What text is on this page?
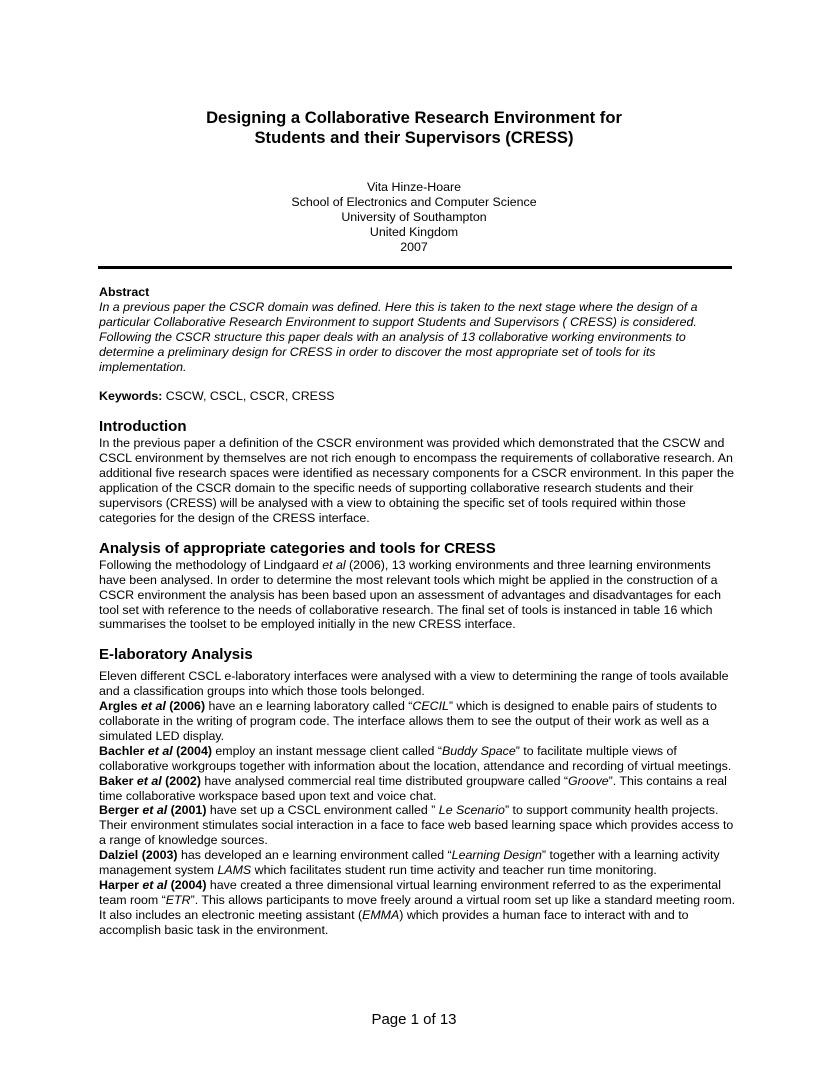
Designing a Collaborative Research Environment for
Students and their Supervisors (CRESS)
Vita Hinze-Hoare
School of Electronics and Computer Science
University of Southampton
United Kingdom
2007

Abstract

In a previous paper the CSCR domain was defined. Here this is taken to the next stage where the design of a particular Collaborative Research Environment to support Students and Supervisors ( CRESS) is considered. Following the CSCR structure this paper deals with an analysis of 13 collaborative working environments to determine a preliminary design for CRESS in order to discover the most appropriate set of tools for its implementation.

Keywords: CSCW, CSCL, CSCR, CRESS

Introduction

In the previous paper a definition of the CSCR environment was provided which demonstrated that the CSCW and CSCL environment by themselves are not rich enough to encompass the requirements of collaborative research. An additional five research spaces were identified as necessary components for a CSCR environment. In this paper the application of the CSCR domain to the specific needs of supporting collaborative research students and their supervisors (CRESS) will be analysed with a view to obtaining the specific set of tools required within those categories for the design of the CRESS interface.

Analysis of appropriate categories and tools for CRESS

Following the methodology of Lindgaard et al (2006), 13 working environments and three learning environments have been analysed. In order to determine the most relevant tools which might be applied in the construction of a CSCR environment the analysis has been based upon an assessment of advantages and disadvantages for each tool set with reference to the needs of collaborative research. The final set of tools is instanced in table 16 which summarises the toolset to be employed initially in the new CRESS interface.

E-laboratory Analysis

Eleven different CSCL e-laboratory interfaces were analysed with a view to determining the range of tools available and a classification groups into which those tools belonged.

Argles et al (2006) have an e learning laboratory called “CECIL” which is designed to enable pairs of students to collaborate in the writing of program code. The interface allows them to see the output of their work as well as a simulated LED display.

Bachler et al (2004) employ an instant message client called “Buddy Space” to facilitate multiple views of collaborative workgroups together with information about the location, attendance and recording of virtual meetings.

Baker et al (2002) have analysed commercial real time distributed groupware called “Groove”. This contains a real time collaborative workspace based upon text and voice chat.

Berger et al (2001) have set up a CSCL environment called ” Le Scenario” to support community health projects. Their environment stimulates social interaction in a face to face web based learning space which provides access to a range of knowledge sources.

Dalziel (2003) has developed an e learning environment called “Learning Design” together with a learning activity management system LAMS which facilitates student run time activity and teacher run time monitoring.

Harper et al (2004) have created a three dimensional virtual learning environment referred to as the experimental team room “ETR”. This allows participants to move freely around a virtual room set up like a standard meeting room. It also includes an electronic meeting assistant (EMMA) which provides a human face to interact with and to accomplish basic task in the environment.

Page 1 of 13
